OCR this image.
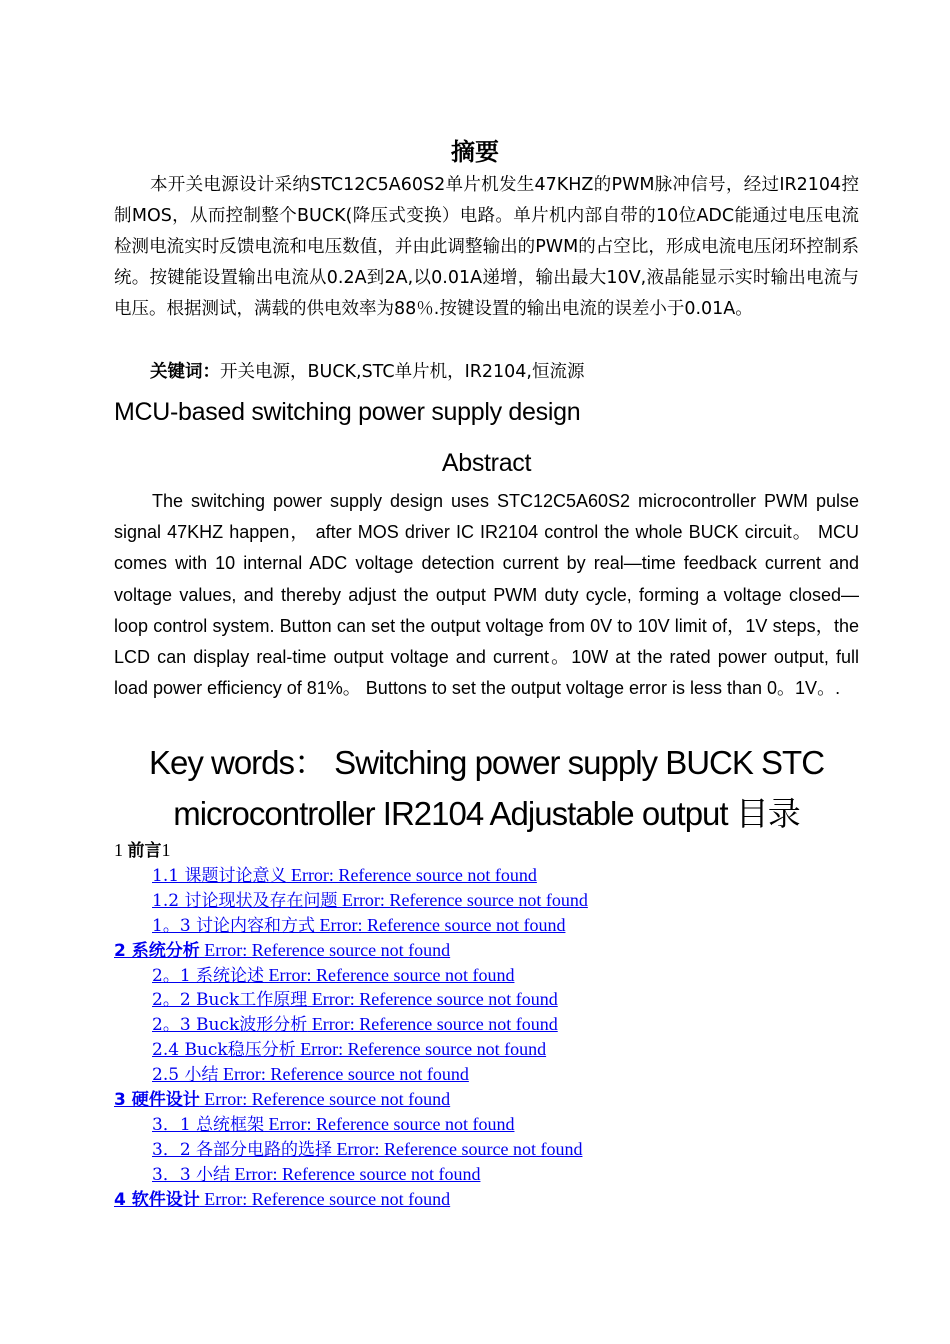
摘要

本开关电源设计采纳STC12C5A60S2单片机发生47KHZ的PWM脉冲信号，经过IR2104控制MOS，从而控制整个BUCK(降压式变换）电路。单片机内部自带的10位ADC能通过电压电流检测电流实时反馈电流和电压数值，并由此调整输出的PWM的占空比，形成电流电压闭环控制系统。按键能设置输出电流从0.2A到2A,以0.01A递增，输出最大10V,液晶能显示实时输出电流与电压。根据测试，满载的供电效率为88％.按键设置的输出电流的误差小于0.01A。

关键词：开关电源，BUCK,STC单片机，IR2104,恒流源
MCU-based switching power supply design
Abstract

The switching power supply design uses STC12C5A60S2 microcontroller PWM pulse signal 47KHZ happen， after MOS driver IC IR2104 control the whole BUCK circuit。 MCU comes with 10 internal ADC voltage detection current by real—time feedback current and voltage values, and thereby adjust the output PWM duty cycle, forming a voltage closed—loop control system. Button can set the output voltage from 0V to 10V limit of，1V steps，the LCD can display real-time output voltage and current。10W at the rated power output, full load power efficiency of 81%。 Buttons to set the output voltage error is less than 0。1V。.

Key words： Switching power supply BUCK STC microcontroller IR2104 Adjustable output 目录

1 前言1
1.1 课题讨论意义 Error: Reference source not found
1.2 讨论现状及存在问题 Error: Reference source not found
1。3 讨论内容和方式 Error: Reference source not found
2 系统分析 Error: Reference source not found
2。1 系统论述 Error: Reference source not found
2。2 Buck工作原理 Error: Reference source not found
2。3 Buck波形分析 Error: Reference source not found
2.4 Buck稳压分析 Error: Reference source not found
2.5 小结 Error: Reference source not found
3 硬件设计 Error: Reference source not found
3．1 总统框架 Error: Reference source not found
3．2 各部分电路的选择 Error: Reference source not found
3．3 小结 Error: Reference source not found
4 软件设计 Error: Reference source not found
